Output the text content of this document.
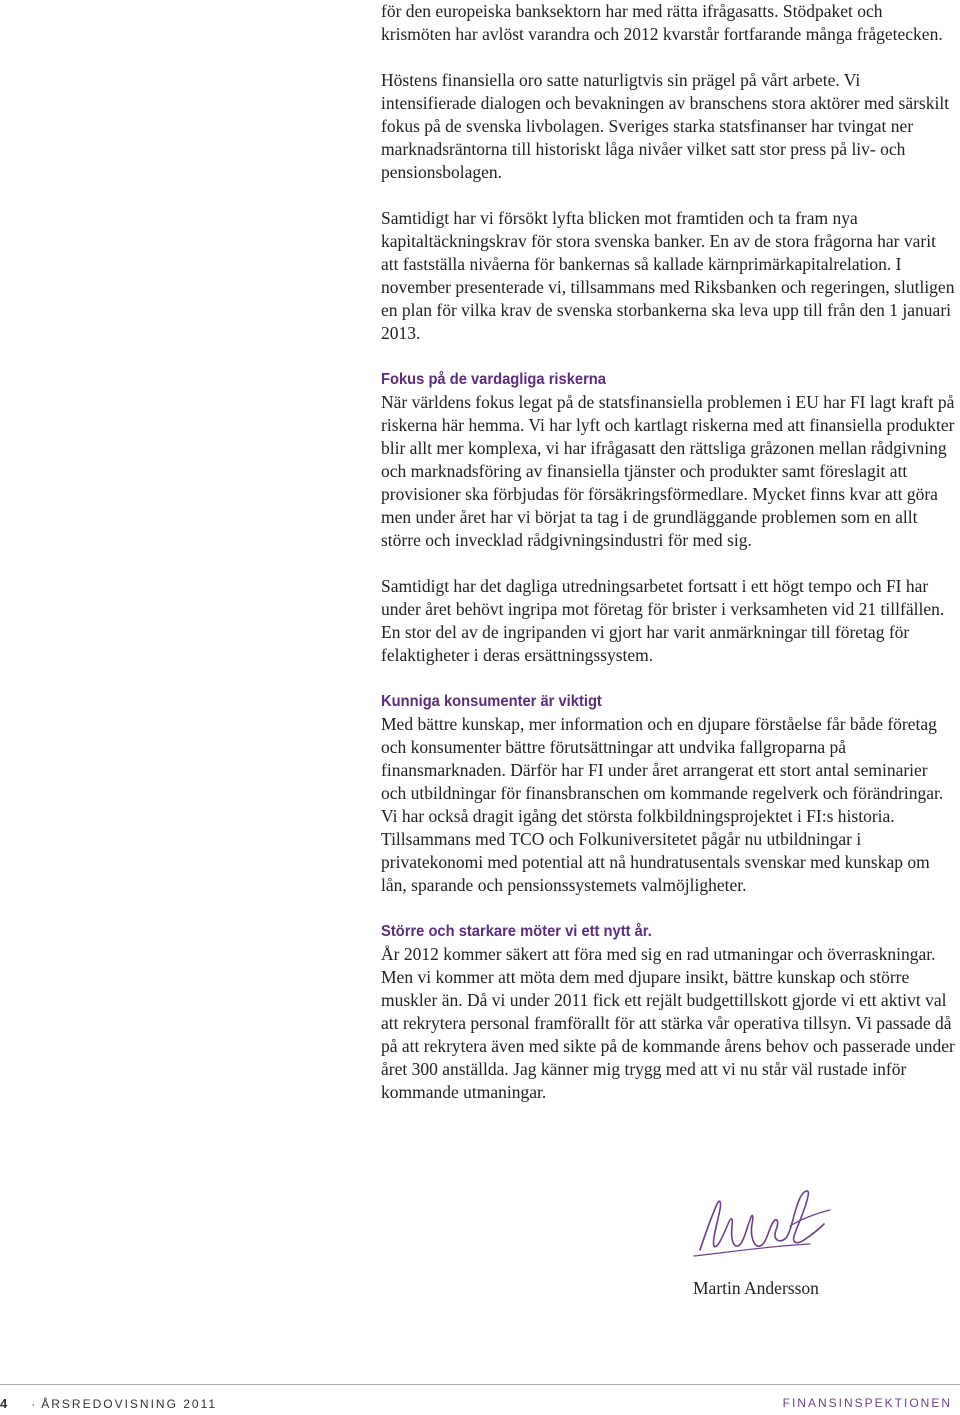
för den europeiska banksektorn har med rätta ifrågasatts. Stödpaket och krismöten har avlöst varandra och 2012 kvarstår fortfarande många frågetecken.

Höstens finansiella oro satte naturligtvis sin prägel på vårt arbete. Vi intensifierade dialogen och bevakningen av branschens stora aktörer med särskilt fokus på de svenska livbolagen. Sveriges starka statsfinanser har tvingat ner marknadsräntorna till historiskt låga nivåer vilket satt stor press på liv- och pensionsbolagen.

Samtidigt har vi försökt lyfta blicken mot framtiden och ta fram nya kapitaltäckningskrav för stora svenska banker. En av de stora frågorna har varit att fastställa nivåerna för bankernas så kallade kärnprimärkapitalrelation. I november presenterade vi, tillsammans med Riksbanken och regeringen, slutligen en plan för vilka krav de svenska storbankerna ska leva upp till från den 1 januari 2013.

Fokus på de vardagliga riskerna

När världens fokus legat på de statsfinansiella problemen i EU har FI lagt kraft på riskerna här hemma. Vi har lyft och kartlagt riskerna med att finansiella produkter blir allt mer komplexa, vi har ifrågasatt den rättsliga gråzonen mellan rådgivning och marknadsföring av finansiella tjänster och produkter samt föreslagit att provisioner ska förbjudas för försäkringsförmedlare. Mycket finns kvar att göra men under året har vi börjat ta tag i de grundläggande problemen som en allt större och invecklad rådgivningsindustri för med sig.

Samtidigt har det dagliga utredningsarbetet fortsatt i ett högt tempo och FI har under året behövt ingripa mot företag för brister i verksamheten vid 21 tillfällen. En stor del av de ingripanden vi gjort har varit anmärkningar till företag för felaktigheter i deras ersättningssystem.

Kunniga konsumenter är viktigt

Med bättre kunskap, mer information och en djupare förståelse får både företag och konsumenter bättre förutsättningar att undvika fallgroparna på finansmarknaden. Därför har FI under året arrangerat ett stort antal seminarier och utbildningar för finansbranschen om kommande regelverk och förändringar. Vi har också dragit igång det största folkbildningsprojektet i FI:s historia. Tillsammans med TCO och Folkuniversitetet pågår nu utbildningar i privatekonomi med potential att nå hundratusentals svenskar med kunskap om lån, sparande och pensionssystemets valmöjligheter.

Större och starkare möter vi ett nytt år.

År 2012 kommer säkert att föra med sig en rad utmaningar och överraskningar. Men vi kommer att möta dem med djupare insikt, bättre kunskap och större muskler än. Då vi under 2011 fick ett rejält budgettillskott gjorde vi ett aktivt val att rekrytera personal framförallt för att stärka vår operativa tillsyn. Vi passade då på att rekrytera även med sikte på de kommande årens behov och passerade under året 300 anställda. Jag känner mig trygg med att vi nu står väl rustade inför kommande utmaningar.

Martin Andersson
4 · ÅRSREDOVISNING 2011	FINANSINSPEKTIONEN
